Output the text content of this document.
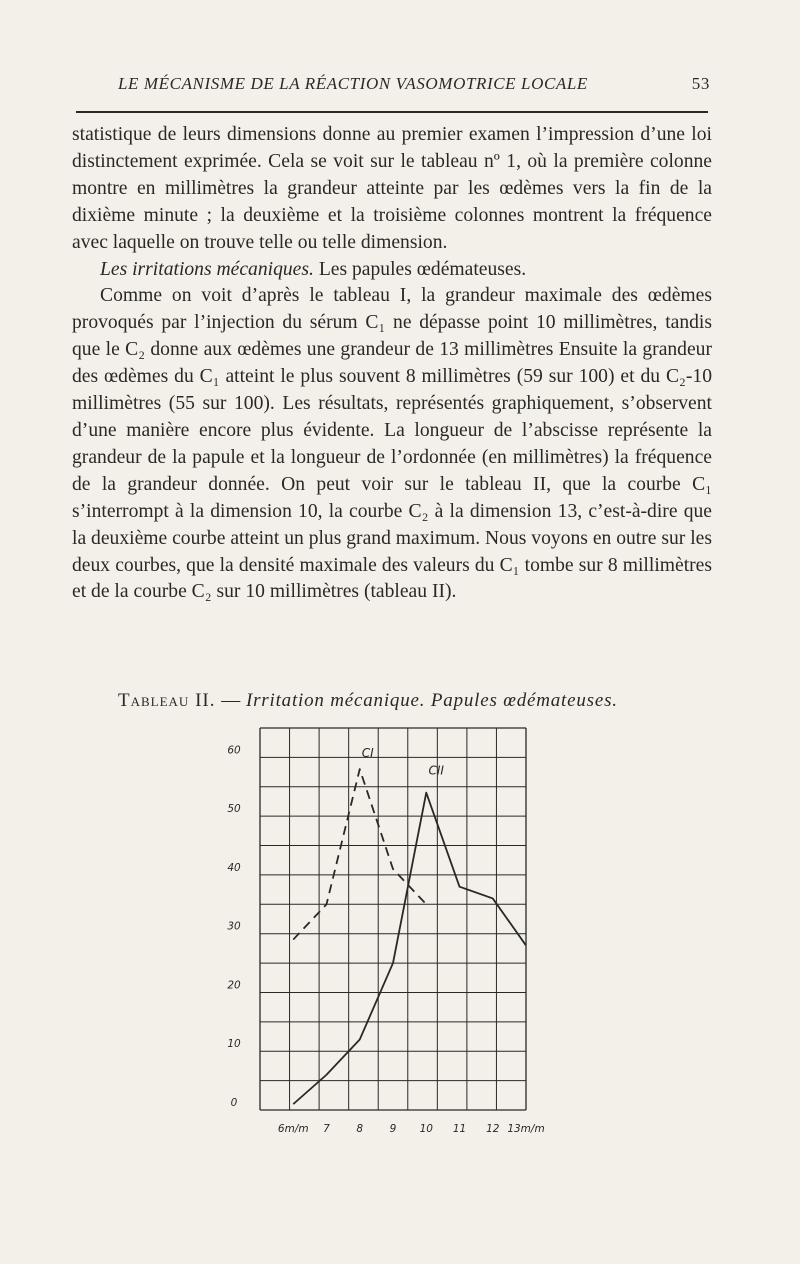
LE MÉCANISME DE LA RÉACTION VASOMOTRICE LOCALE	53

statistique de leurs dimensions donne au premier examen l’impression d’une loi distinctement exprimée. Cela se voit sur le tableau nº 1, où la première colonne montre en millimètres la grandeur atteinte par les œdèmes vers la fin de la dixième minute ; la deuxième et la troisième colonnes montrent la fréquence avec laquelle on trouve telle ou telle dimension.

Les irritations mécaniques. Les papules œdémateuses.

Comme on voit d’après le tableau I, la grandeur maximale des œdèmes provoqués par l’injection du sérum C₁ ne dépasse point 10 millimètres, tandis que le C₂ donne aux œdèmes une grandeur de 13 millimètres Ensuite la grandeur des œdèmes du C₁ atteint le plus souvent 8 millimètres (59 sur 100) et du C₂-10 millimètres (55 sur 100). Les résultats, représentés graphiquement, s’observent d’une manière encore plus évidente. La longueur de l’abscisse représente la grandeur de la papule et la longueur de l’ordonnée (en millimètres) la fréquence de la grandeur donnée. On peut voir sur le tableau II, que la courbe C₁ s’interrompt à la dimension 10, la courbe C₂ à la dimension 13, c’est-à-dire que la deuxième courbe atteint un plus grand maximum. Nous voyons en outre sur les deux courbes, que la densité maximale des valeurs du C₁ tombe sur 8 millimètres et de la courbe C₂ sur 10 millimètres (tableau II).

Tableau II. — Irritation mécanique. Papules œdémateuses.
0
10
20
30
40
50
60
6m/m 7	8	9 10 11 12 13m/m
CI
CII
